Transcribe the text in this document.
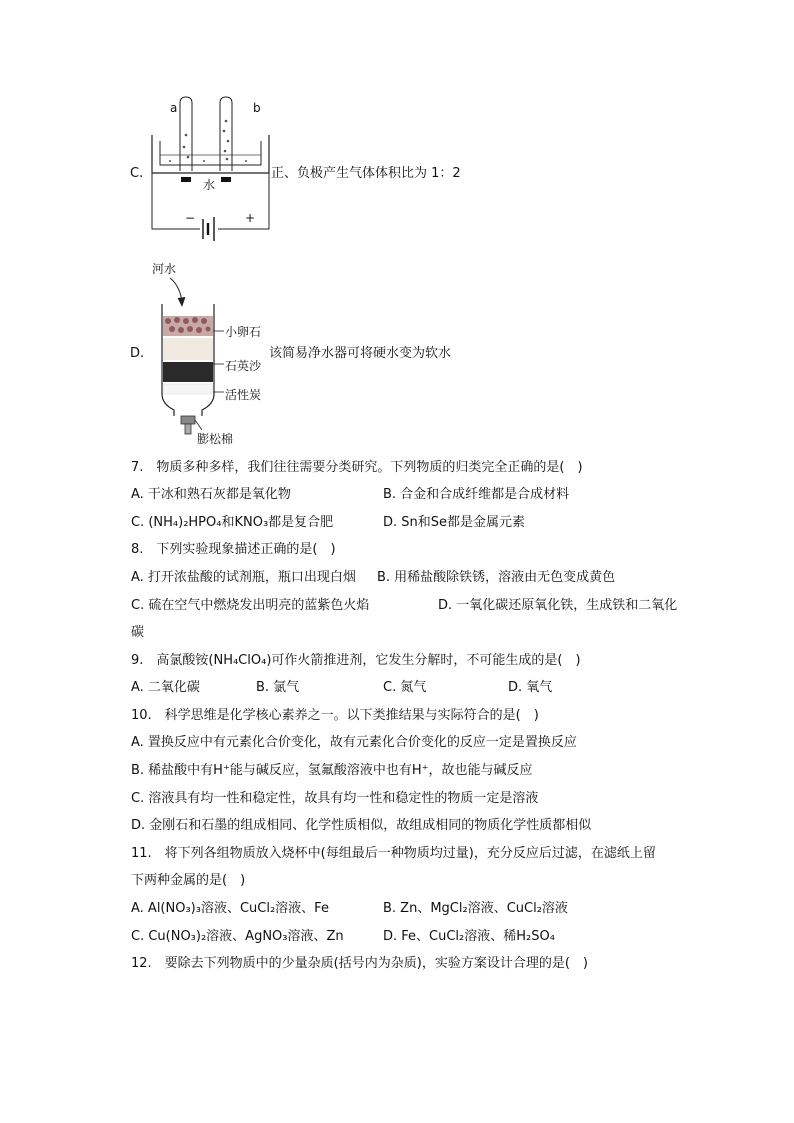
C.
a	b
水
−	+
正、负极产生气体体积比为 1：2
D.
河水
小卵石
石英沙
活性炭
膨松棉
该简易净水器可将硬水变为软水
7.　物质多种多样，我们往往需要分类研究。下列物质的归类完全正确的是(　)
A. 干冰和熟石灰都是氧化物	B. 合金和合成纤维都是合成材料
C. (NH₄)₂HPO₄和KNO₃都是复合肥	D. Sn和Se都是金属元素
8.　下列实验现象描述正确的是(　)
A. 打开浓盐酸的试剂瓶，瓶口出现白烟 B. 用稀盐酸除铁锈，溶液由无色变成黄色
C. 硫在空气中燃烧发出明亮的蓝紫色火焰	D. 一氧化碳还原氧化铁，生成铁和二氧化
碳
9.　高氯酸铵(NH₄ClO₄)可作火箭推进剂，它发生分解时，不可能生成的是(　)
A. 二氧化碳	B. 氯气	C. 氮气	D. 氧气
10.　科学思维是化学核心素养之一。以下类推结果与实际符合的是(　)
A. 置换反应中有元素化合价变化，故有元素化合价变化的反应一定是置换反应
B. 稀盐酸中有H⁺能与碱反应，氢氟酸溶液中也有H⁺，故也能与碱反应
C. 溶液具有均一性和稳定性，故具有均一性和稳定性的物质一定是溶液
D. 金刚石和石墨的组成相同、化学性质相似，故组成相同的物质化学性质都相似
11.　将下列各组物质放入烧杯中(每组最后一种物质均过量)，充分反应后过滤，在滤纸上留
下两种金属的是(　)
A. Al(NO₃)₃溶液、CuCl₂溶液、Fe	B. Zn、MgCl₂溶液、CuCl₂溶液
C. Cu(NO₃)₂溶液、AgNO₃溶液、Zn	D. Fe、CuCl₂溶液、稀H₂SO₄
12.　要除去下列物质中的少量杂质(括号内为杂质)，实验方案设计合理的是(　)
